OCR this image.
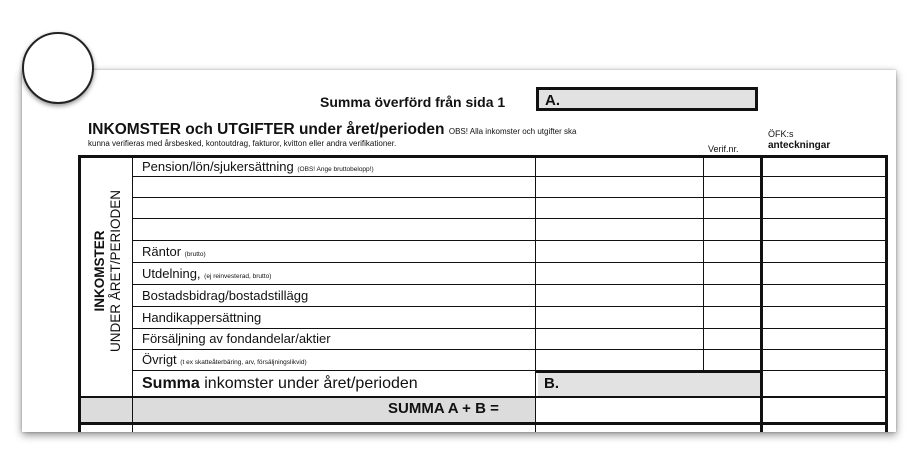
Summa överförd från sida 1	A.
INKOMSTER och UTGIFTER under året/perioden OBS! Alla inkomster och utgifter ska
kunna verifieras med årsbesked, kontoutdrag, fakturor, kvitton eller andra verifikationer.
Verif.nr.
ÖFK:s
anteckningar
B.
INKOMSTER UNDER ÅRET/PERIODEN
Pension/lön/sjukersättning (OBS! Ange bruttobelopp!)
Räntor (brutto)
Utdelning, (ej reinvesterad, brutto)
Bostadsbidrag/bostadstillägg
Handikappersättning
Försäljning av fondandelar/aktier
Övrigt (t ex skatteåterbäring, arv, försäljningslikvid)
Summa inkomster under året/perioden
SUMMA A + B =
